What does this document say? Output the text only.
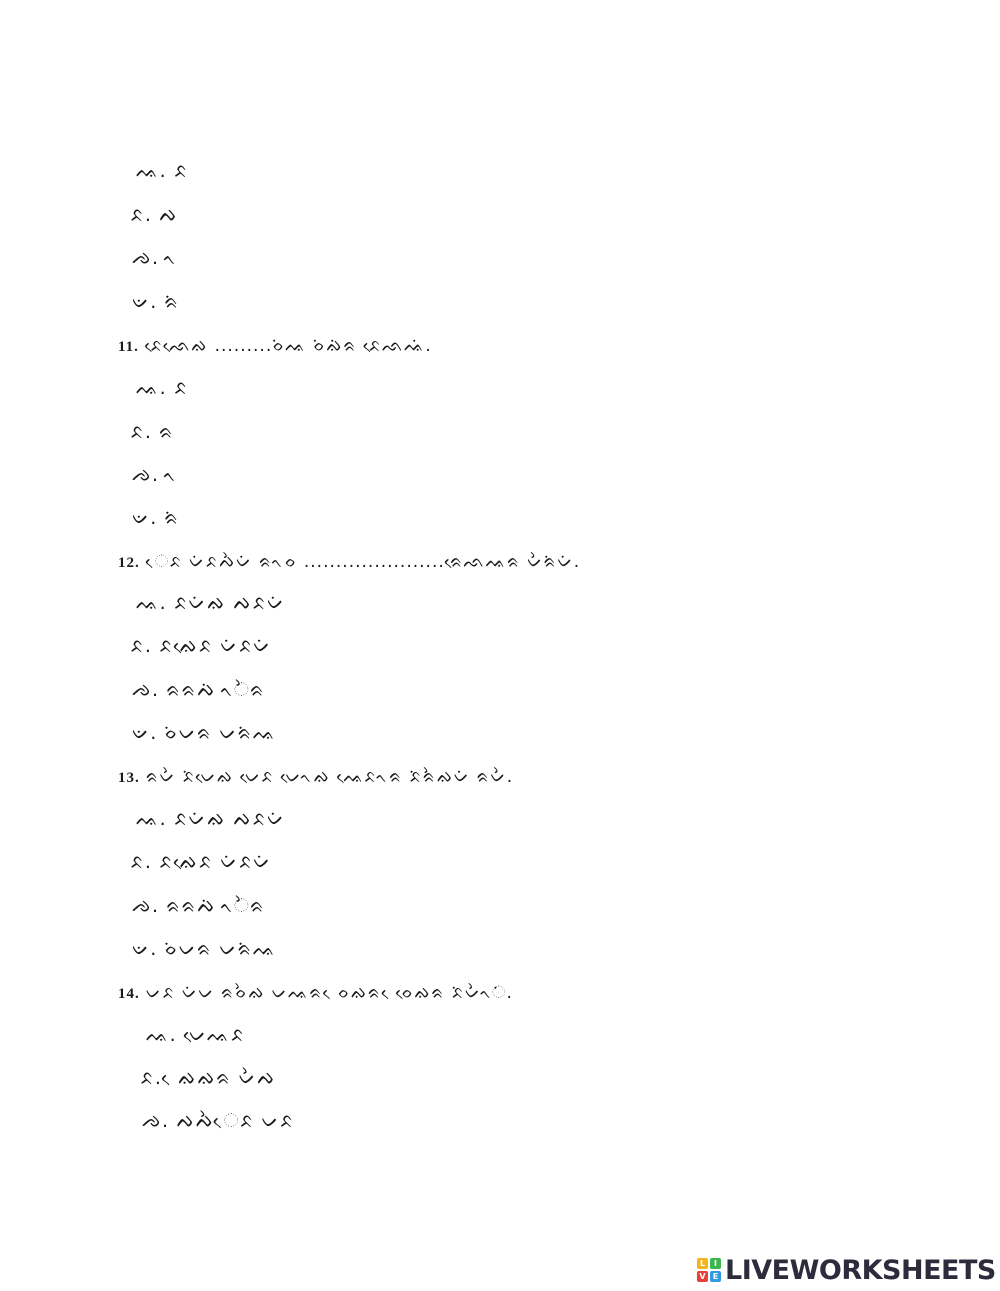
ᨕ. ᨅ
ᨅ. ᨄ
ᨌ. ᨚ
ᨉ. ᨑᨗ
11. ᨅᨙᨒᨙᨁ .........ᨔᨗᨕ ᨔᨗᨁᨗᨑ ᨅᨙᨒᨕᨗ.
ᨕ. ᨅ
ᨅ. ᨑ
ᨌ. ᨚ
ᨉ. ᨑᨗ
12. ᨙᨅ ᨆᨗᨅᨄᨛᨆᨗ ᨑᨚᨔ ......................ᨑᨙᨒᨕᨑ ᨆᨛᨑᨗᨆᨗ.
ᨕ. ᨅᨆᨗᨁ ᨄᨅᨆᨗ
ᨅ. ᨅᨁᨙᨅ ᨆᨗᨅᨆᨗ
ᨌ. ᨑᨑᨄᨗ ᨚᨛᨑ
ᨉ. ᨔᨗᨆᨑ ᨆᨑᨗᨕ
13. ᨑᨆᨛ ᨅᨗᨆᨙᨁ ᨆᨙᨅ ᨆᨙᨚᨁ ᨕᨙᨅᨚᨑ ᨅᨗᨑᨛᨁᨆᨗ ᨑᨆᨛ.
ᨕ. ᨅᨆᨗᨁ ᨄᨅᨆᨗ
ᨅ. ᨅᨁᨙᨅ ᨆᨗᨅᨆᨗ
ᨌ. ᨑᨑᨄᨗ ᨚᨛᨑ
ᨉ. ᨔᨗᨆᨑ ᨆᨑᨗᨕ
14. ᨆᨅ ᨆᨗᨆ ᨑᨔᨛᨁ ᨆᨕᨑ ᨙᨔᨁᨑ ᨙᨔᨙᨁᨑ ᨅᨗᨆᨛᨚᨗ.
ᨕ. ᨆᨙᨕᨅ
ᨅ. ᨙᨁᨁᨑ ᨆᨛᨄ
ᨌ. ᨄᨄᨛᨙᨅ ᨆᨅ
L	I
V E LIVEWORKSHEETS
